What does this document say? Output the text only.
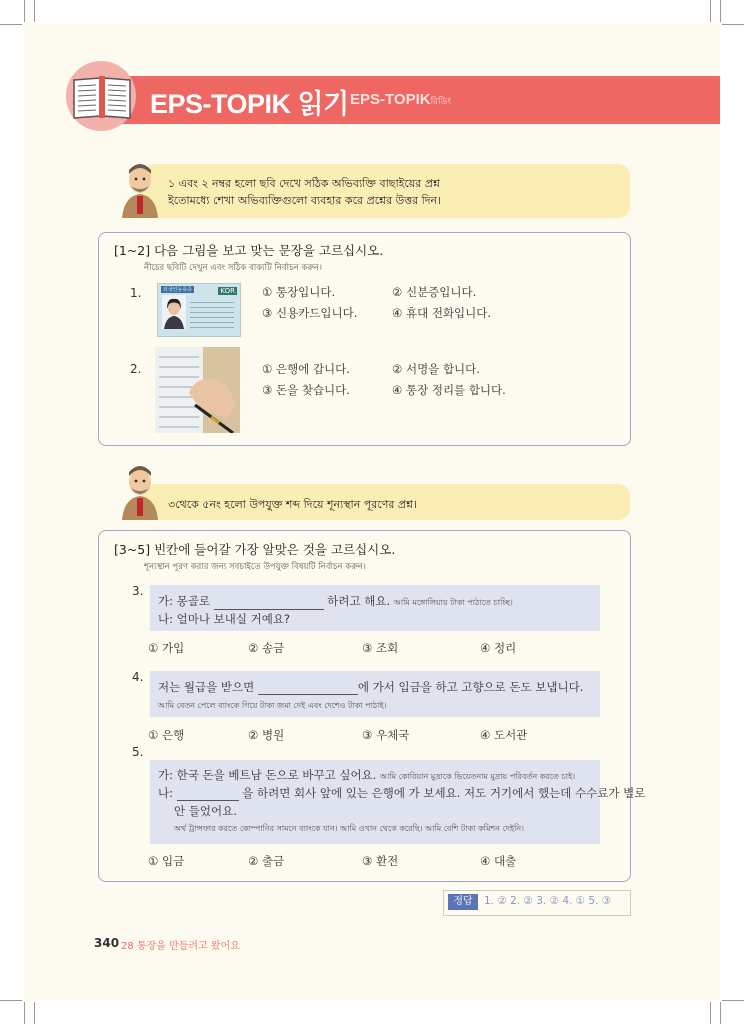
EPS-TOPIK 읽기 EPS-TOPIKরিডিং
১ এবং ২ নম্বর হলো ছবি দেখে সঠিক অভিব্যক্তি বাছাইয়ের প্রশ্ন
ইতোমধ্যে শেখা অভিব্যক্তিগুলো ব্যবহার করে প্রশ্নের উত্তর দিন।
[1~2] 다음 그림을 보고 맞는 문장을 고르십시오.
নীচের ছবিটি দেখুন এবং সঠিক বাক্যটি নির্বাচন করুন।
1.	외국인등록증	KOR ① 통장입니다.	② 신분증입니다.
③ 신용카드입니다.	④ 휴대 전화입니다.
2.	① 은행에 갑니다.	② 서명을 합니다.
③ 돈을 찾습니다.	④ 통장 정리를 합니다.
৩থেকে ৫নং হলো উপযুক্ত শব্দ দিয়ে শূন্যস্থান পূরণের প্রশ্ন।
[3~5] 빈칸에 들어갈 가장 알맞은 것을 고르십시오.
শূন্যস্থান পূরণ করার জন্য সবচাইতে উপযুক্ত বিষয়টি নির্বাচন করুন।
3.
가: 몽골로	하려고 해요. আমি মঙ্গোলিয়ায় টাকা পাঠাতে চাচ্ছি।
나: 얼마나 보내실 거예요?
① 가입	② 송금	③ 조회	④ 정리
4.
저는 월급을 받으면	에 가서 입금을 하고 고향으로 돈도 보냅니다.
আমি বেতন পেলে ব্যাংকে গিয়ে টাকা জমা দেই এবং দেশেও টাকা পাঠাই।
① 은행	② 병원	③ 우체국	④ 도서관
5.
가: 한국 돈을 베트남 돈으로 바꾸고 싶어요. আমি কোরিয়ান মুদ্রাকে ভিয়েতনাম মুদ্রায় পরিবর্তন করতে চাই।
나:	을 하려면 회사 앞에 있는 은행에 가 보세요. 저도 거기에서 했는데 수수료가 별로
안 들었어요.
অর্থ ট্রান্সফার করতে কোম্পানির সামনে ব্যাংকে যান। আমি ওখান থেকে করেছি। আমি বেশি টাকা কমিশন দেইনি।
① 입금	② 출금	③ 환전	④ 대출
정답	1. ② 2. ② 3. ② 4. ① 5. ③
340 28 통장을 만들려고 왔어요
